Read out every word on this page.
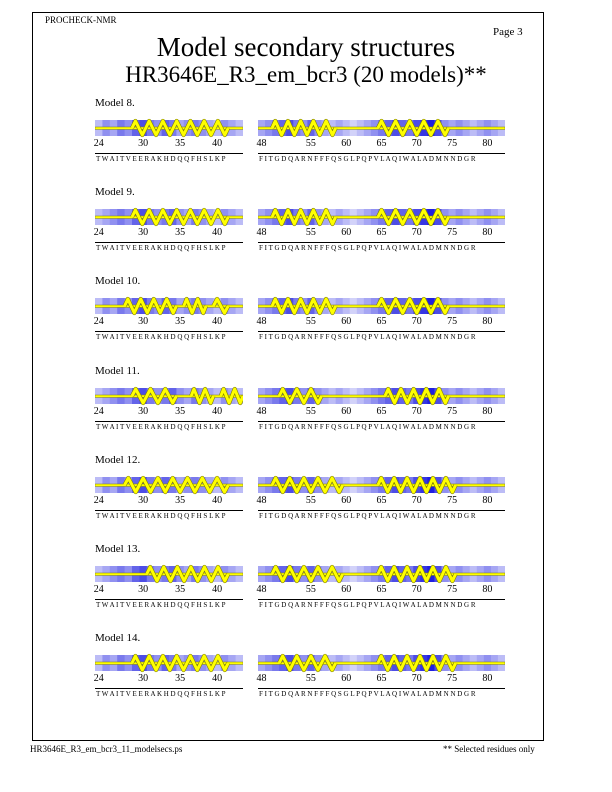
PROCHECK-NMR
Page 3
Model secondary structures
HR3646E_R3_em_bcr3 (20 models)**
Model 8.
24	30	35	40
T W A I T V E E R A K H D Q Q F H S L K P
48	55	60	65	70	75	80
F I T G D Q A R N F F F Q S G L P Q P V L A Q I W A L A D M N N D G R
Model 9.
24	30	35	40
T W A I T V E E R A K H D Q Q F H S L K P
48	55	60	65	70	75	80
F I T G D Q A R N F F F Q S G L P Q P V L A Q I W A L A D M N N D G R
Model 10.
24	30	35	40
T W A I T V E E R A K H D Q Q F H S L K P
48	55	60	65	70	75	80
F I T G D Q A R N F F F Q S G L P Q P V L A Q I W A L A D M N N D G R
Model 11.
24	30	35	40
T W A I T V E E R A K H D Q Q F H S L K P
48	55	60	65	70	75	80
F I T G D Q A R N F F F Q S G L P Q P V L A Q I W A L A D M N N D G R
Model 12.
24	30	35	40
T W A I T V E E R A K H D Q Q F H S L K P
48	55	60	65	70	75	80
F I T G D Q A R N F F F Q S G L P Q P V L A Q I W A L A D M N N D G R
Model 13.
24	30	35	40
T W A I T V E E R A K H D Q Q F H S L K P
48	55	60	65	70	75	80
F I T G D Q A R N F F F Q S G L P Q P V L A Q I W A L A D M N N D G R
Model 14.
24	30	35	40
T W A I T V E E R A K H D Q Q F H S L K P
48	55	60	65	70	75	80
F I T G D Q A R N F F F Q S G L P Q P V L A Q I W A L A D M N N D G R
HR3646E_R3_em_bcr3_11_modelsecs.ps	** Selected residues only
